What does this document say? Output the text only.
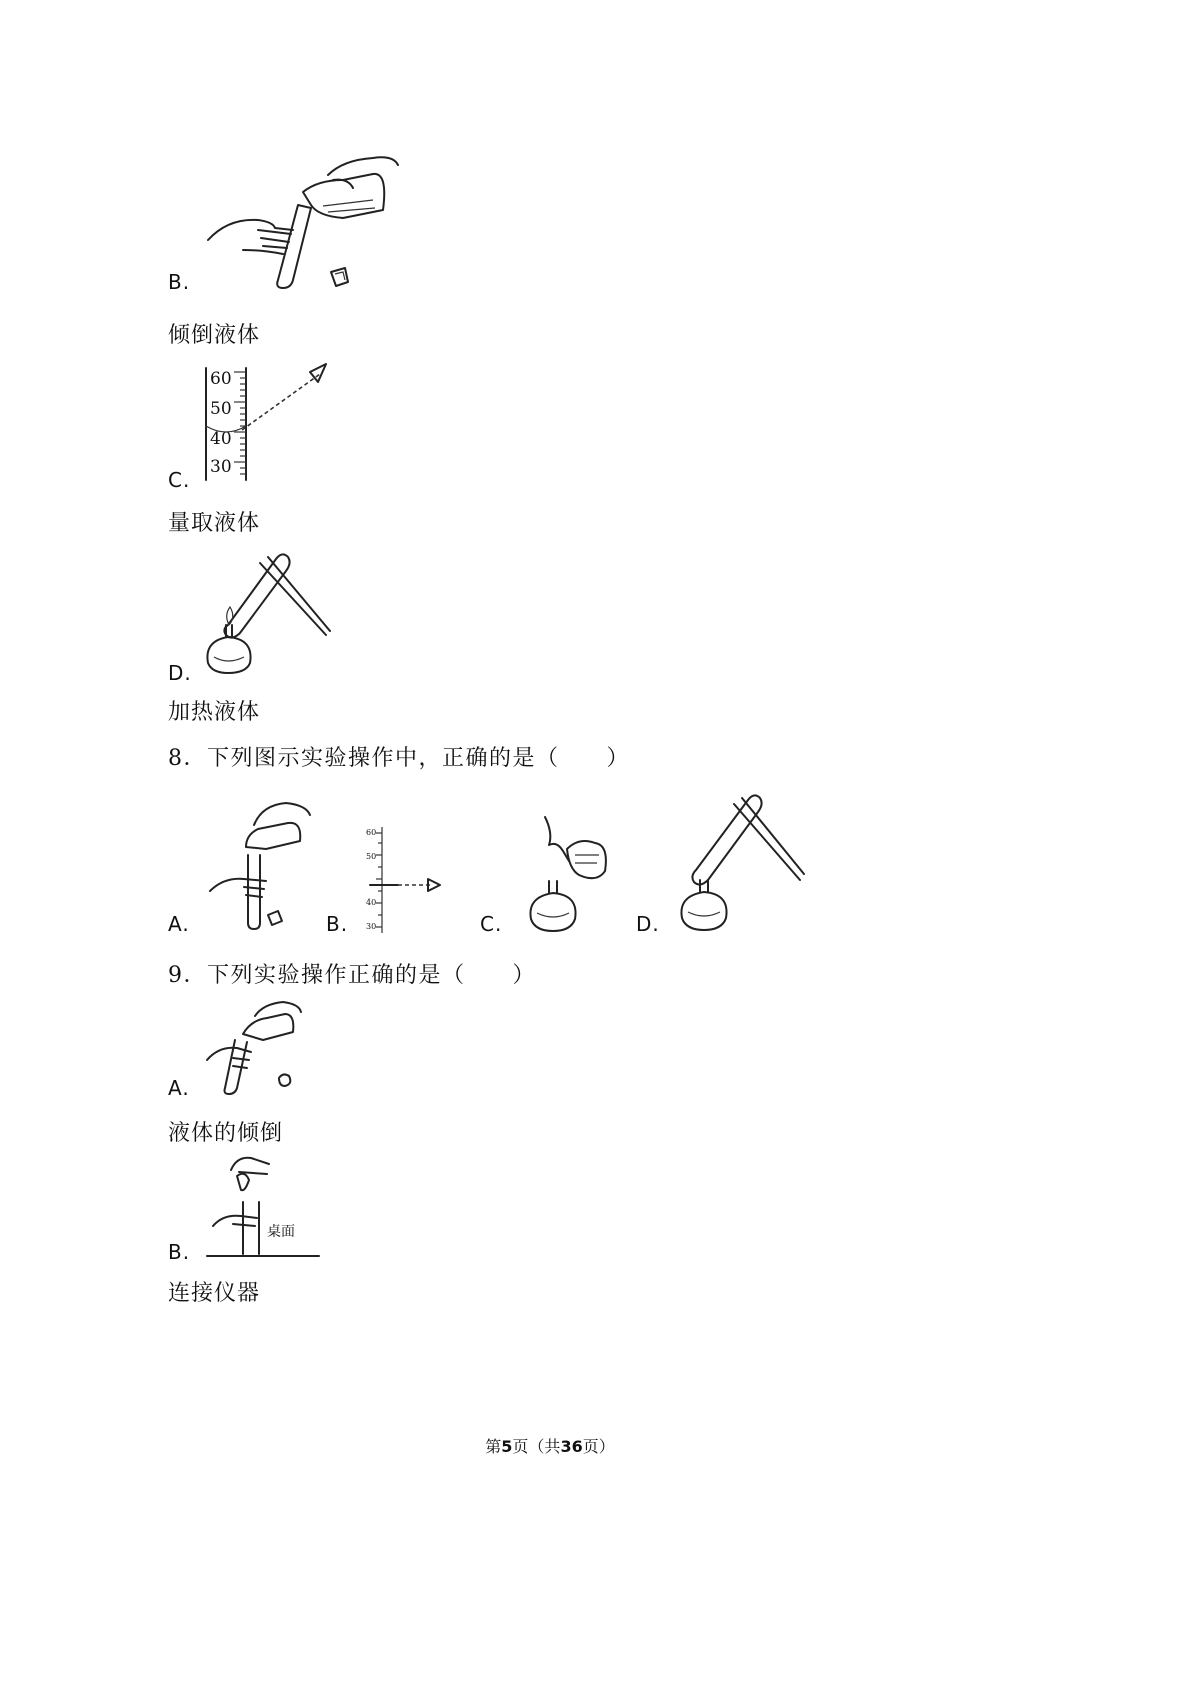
B.
倾倒液体
60
50
40
30
C.
量取液体
D.
加热液体
8．下列图示实验操作中，正确的是（　　）
A.
60
50
40
30
B.	C.	D.
9．下列实验操作正确的是（　　）
A.
液体的倾倒
桌面
B.
连接仪器
第5页（共36页）
